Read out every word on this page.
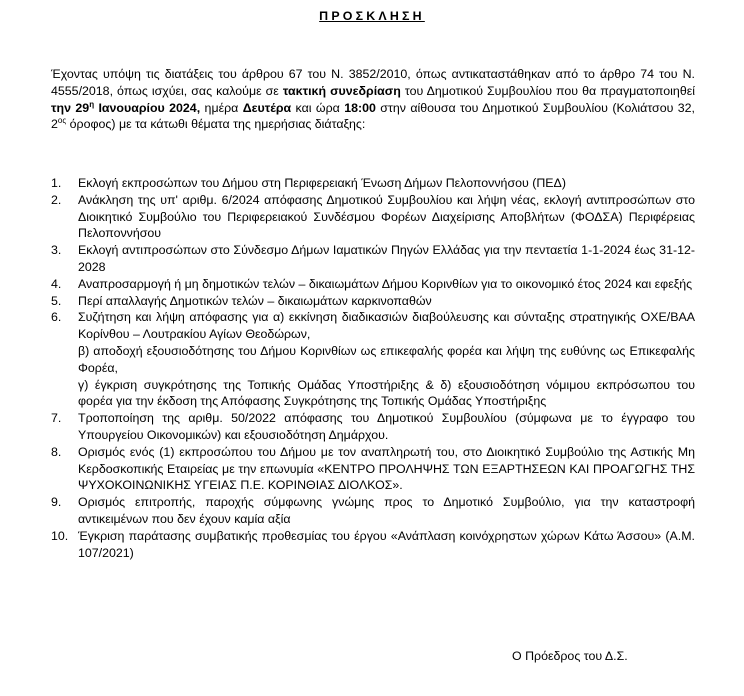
ΠΡΟΣΚΛΗΣΗ
Έχοντας υπόψη τις διατάξεις του άρθρου 67 του Ν. 3852/2010, όπως αντικαταστάθηκαν από το άρθρο 74 του Ν. 4555/2018, όπως ισχύει, σας καλούμε σε τακτική συνεδρίαση του Δημοτικού Συμβουλίου που θα πραγματοποιηθεί την $29^\eta$ Ιανουαρίου 2024, ημέρα Δευτέρα και ώρα 18:00 στην αίθουσα του Δημοτικού Συμβουλίου (Κολιάτσου 32, $2^{o\varsigma}$ όροφος) με τα κάτωθι θέματα της ημερήσιας διάταξης:
1. Εκλογή εκπροσώπων του Δήμου στη Περιφερειακή Ένωση Δήμων Πελοποννήσου (ΠΕΔ)
2. Ανάκληση της υπ' αριθμ. 6/2024 απόφασης Δημοτικού Συμβουλίου και λήψη νέας, εκλογή αντιπροσώπων στο Διοικητικό Συμβούλιο του Περιφερειακού Συνδέσμου Φορέων Διαχείρισης Αποβλήτων (ΦΟΔΣΑ) Περιφέρειας Πελοποννήσου
3. Εκλογή αντιπροσώπων στο Σύνδεσμο Δήμων Ιαματικών Πηγών Ελλάδας για την πενταετία 1-1-2024 έως 31-12-2028
4. Αναπροσαρμογή ή μη δημοτικών τελών – δικαιωμάτων Δήμου Κορινθίων για το οικονομικό έτος 2024 και εφεξής
5. Περί απαλλαγής Δημοτικών τελών – δικαιωμάτων καρκινοπαθών
6. Συζήτηση και λήψη απόφασης για α) εκκίνηση διαδικασιών διαβούλευσης και σύνταξης στρατηγικής ΟΧΕ/ΒΑΑ Κορίνθου – Λουτρακίου Αγίων Θεοδώρων,
β) αποδοχή εξουσιοδότησης του Δήμου Κορινθίων ως επικεφαλής φορέα και λήψη της ευθύνης ως Επικεφαλής Φορέα,
γ) έγκριση συγκρότησης της Τοπικής Ομάδας Υποστήριξης & δ) εξουσιοδότηση νόμιμου εκπρόσωπου του φορέα για την έκδοση της Απόφασης Συγκρότησης της Τοπικής Ομάδας Υποστήριξης
7. Τροποποίηση της αριθμ. 50/2022 απόφασης του Δημοτικού Συμβουλίου (σύμφωνα με το έγγραφο του Υπουργείου Οικονομικών) και εξουσιοδότηση Δημάρχου.
8. Ορισμός ενός (1) εκπροσώπου του Δήμου με τον αναπληρωτή του, στο Διοικητικό Συμβούλιο της Αστικής Μη Κερδοσκοπικής Εταιρείας με την επωνυμία «ΚΕΝΤΡΟ ΠΡΟΛΗΨΗΣ ΤΩΝ ΕΞΑΡΤΗΣΕΩΝ ΚΑΙ ΠΡΟΑΓΩΓΗΣ ΤΗΣ ΨΥΧΟΚΟΙΝΩΝΙΚΗΣ ΥΓΕΙΑΣ Π.Ε. ΚΟΡΙΝΘΙΑΣ ΔΙΟΛΚΟΣ».
9. Ορισμός επιτροπής, παροχής σύμφωνης γνώμης προς το Δημοτικό Συμβούλιο, για την καταστροφή αντικειμένων που δεν έχουν καμία αξία
10. Έγκριση παράτασης συμβατικής προθεσμίας του έργου «Ανάπλαση κοινόχρηστων χώρων Κάτω Άσσου» (Α.Μ. 107/2021)
Ο Πρόεδρος του Δ.Σ.
